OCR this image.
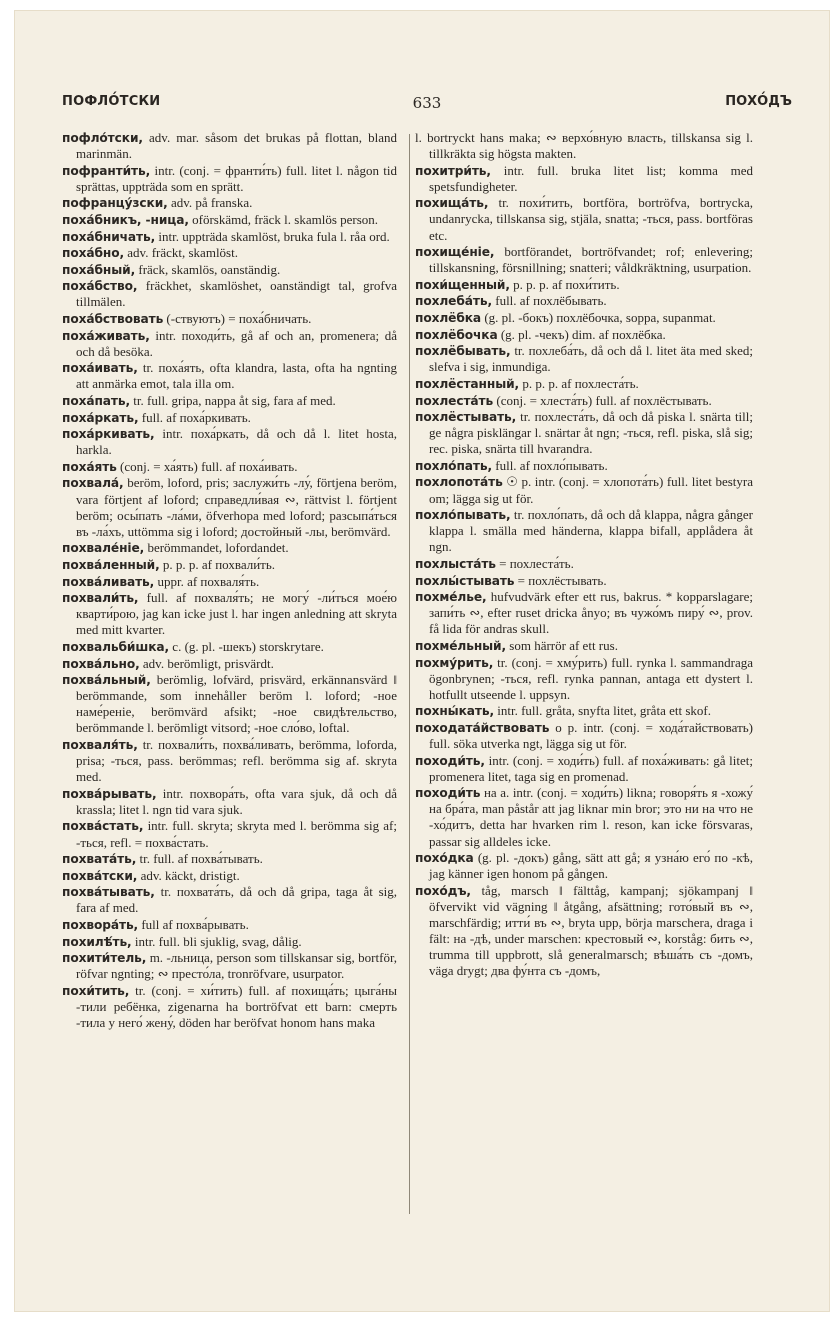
ПОФЛО́ТСКИ	633	ПОХО́ДЪ
пофло́тски, adv. mar. såsom det brukas på flottan, bland marinmän.
пофранти́ть, intr. (conj. = франти́ть) full. litet l. någon tid sprättas, uppträda som en sprätt.
пофранцу́зски, adv. på franska.
поха́бникъ, -ница, oförskämd, fräck l. skamlös person.
поха́бничать, intr. uppträda skamlöst, bruka fula l. råa ord.
поха́бно, adv. fräckt, skamlöst.
поха́бный, fräck, skamlös, oanständig.
поха́бство, fräckhet, skamlöshet, oanständigt tal, grofva tillmälen.
поха́бствовать (-ствуютъ) = поха́бничать.
поха́живать, intr. походи́ть, gå af och an, promenera; då och då besöka.
поха́ивать, tr. поха́ять, ofta klandra, lasta, ofta ha ngnting att anmärka emot, tala illa om.
поха́пать, tr. full. gripa, nappa åt sig, fara af med.
поха́ркать, full. af поха́ркивать.
поха́ркивать, intr. поха́ркать, då och då l. litet hosta, harkla.
поха́ять (conj. = ха́ять) full. af поха́ивать.
похвала́, beröm, loford, pris; заслужи́ть -лу́, förtjena beröm, vara förtjent af loford; справедли́вая ∾, rättvist l. förtjent beröm; осы́пать -ла́ми, öfverhopa med loford; разсыпа́ться въ -ла́хъ, uttömma sig i loford; достойный -лы, berömvärd.
похвале́ніе, berömmandet, lofordandet.
похва́ленный, p. p. p. af похвали́ть.
похва́ливать, uppr. af похваля́ть.
похвали́ть, full. af похваля́ть; не могу́ -ли́ться мое́ю кварти́рою, jag kan icke just l. har ingen anledning att skryta med mitt kvarter.
похвальби́шка, c. (g. pl. -шекъ) storskrytare.
похва́льно, adv. berömligt, prisvärdt.
похва́льный, berömlig, lofvärd, prisvärd, erkännansvärd ‖ berömmande, som innehåller beröm l. loford; -ное наме́реніе, berömvärd afsikt; -ное свидѣтельство, berömmande l. berömligt vitsord; -ное сло́во, loftal.
похваля́ть, tr. похвали́ть, похва́ливать, berömma, loforda, prisa; -ться, pass. berömmas; refl. berömma sig af. skryta med.
похва́рывать, intr. похвора́ть, ofta vara sjuk, då och då krassla; litet l. ngn tid vara sjuk.
похва́стать, intr. full. skryta; skryta med l. berömma sig af; -ться, refl. = похва́стать.
похвата́ть, tr. full. af похва́тывать.
похва́тски, adv. käckt, dristigt.
похва́тывать, tr. похвата́ть, då och då gripa, taga åt sig, fara af med.
похвора́ть, full af похва́рывать.
похилѣ́ть, intr. full. bli sjuklig, svag, dålig.
похити́тель, m. -льница, person som tillskansar sig, bortför, röfvar ngnting; ∾ престо́ла, tronröfvare, usurpator.
похи́тить, tr. (conj. = хи́тить) full. af похища́ть; цыга́ны -тили ребёнка, zigenarna ha bortröfvat ett barn: смерть -тила у него́ жену́, döden har beröfvat honom hans maka
l. bortryckt hans maka; ∾ верхо́вную власть, tillskansa sig l. tillkräkta sig högsta makten.
похитри́ть, intr. full. bruka litet list; komma med spetsfundigheter.
похища́ть, tr. похи́тить, bortföra, bortröfva, bortrycka, undanrycka, tillskansa sig, stjäla, snatta; -ться, pass. bortföras etc.
похище́ніе, bortförandet, bortröfvandet; rof; enlevering; tillskansning, försnillning; snatteri; våldkräktning, usurpation.
похи́щенный, p. p. p. af похи́тить.
похлеба́ть, full. af похлёбывать.
похлёбка (g. pl. -бокъ) похлёбочка, soppa, supanmat.
похлёбочка (g. pl. -чекъ) dim. af похлёбка.
похлёбывать, tr. похлеба́ть, då och då l. litet äta med sked; slefva i sig, inmundiga.
похлёстанный, p. p. p. af похлеста́ть.
похлеста́ть (conj. = хлеста́ть) full. af похлёстывать.
похлёстывать, tr. похлеста́ть, då och då piska l. snärta till; ge några pisklängar l. snärtar åt ngn; -ться, refl. piska, slå sig; rec. piska, snärta till hvarandra.
похло́пать, full. af похло́пывать.
похлопота́ть ☉ p. intr. (conj. = хлопота́ть) full. litet bestyra om; lägga sig ut för.
похло́пывать, tr. похло́пать, då och då klappa, några gånger klappa l. smälla med händerna, klappa bifall, applådera åt ngn.
похлыста́ть = похлеста́ть.
похлы́стывать = похлёстывать.
похме́лье, hufvudvärk efter ett rus, bakrus. * kopparslagare; запи́ть ∾, efter ruset dricka ånyo; въ чужо́мъ пиру́ ∾, prov. få lida för andras skull.
похме́льный, som härrör af ett rus.
похму́рить, tr. (conj. = хму́рить) full. rynka l. sammandraga ögonbrynen; -ться, refl. rynka pannan, antaga ett dystert l. hotfullt utseende l. uppsyn.
похны́кать, intr. full. gråta, snyfta litet, gråta ett skof.
походата́йствовать o p. intr. (conj. = хода́тайствовать) full. söka utverka ngt, lägga sig ut för.
походи́ть, intr. (conj. = ходи́ть) full. af поха́живать: gå litet; promenera litet, taga sig en promenad.
походи́ть на a. intr. (conj. = ходи́ть) likna; говоря́ть я -хожу́ на бра́та, man påstår att jag liknar min bror; это ни на что не -хо́дитъ, detta har hvarken rim l. reson, kan icke försvaras, passar sig alldeles icke.
похо́дка (g. pl. -докъ) gång, sätt att gå; я узна́ю его́ по -кѣ, jag känner igen honom på gången.
похо́дъ, tåg, marsch ‖ fälttåg, kampanj; sjökampanj ‖ öfvervikt vid vägning ‖ åtgång, afsättning; гото́вый въ ∾, marschfärdig; итти́ въ ∾, bryta upp, börja marschera, draga i fält: на -дѣ, under marschen: крестовый ∾, korståg: бить ∾, trumma till uppbrott, slå generalmarsch; вѣша́ть съ -домъ, väga drygt; два фу́нта съ -домъ,
